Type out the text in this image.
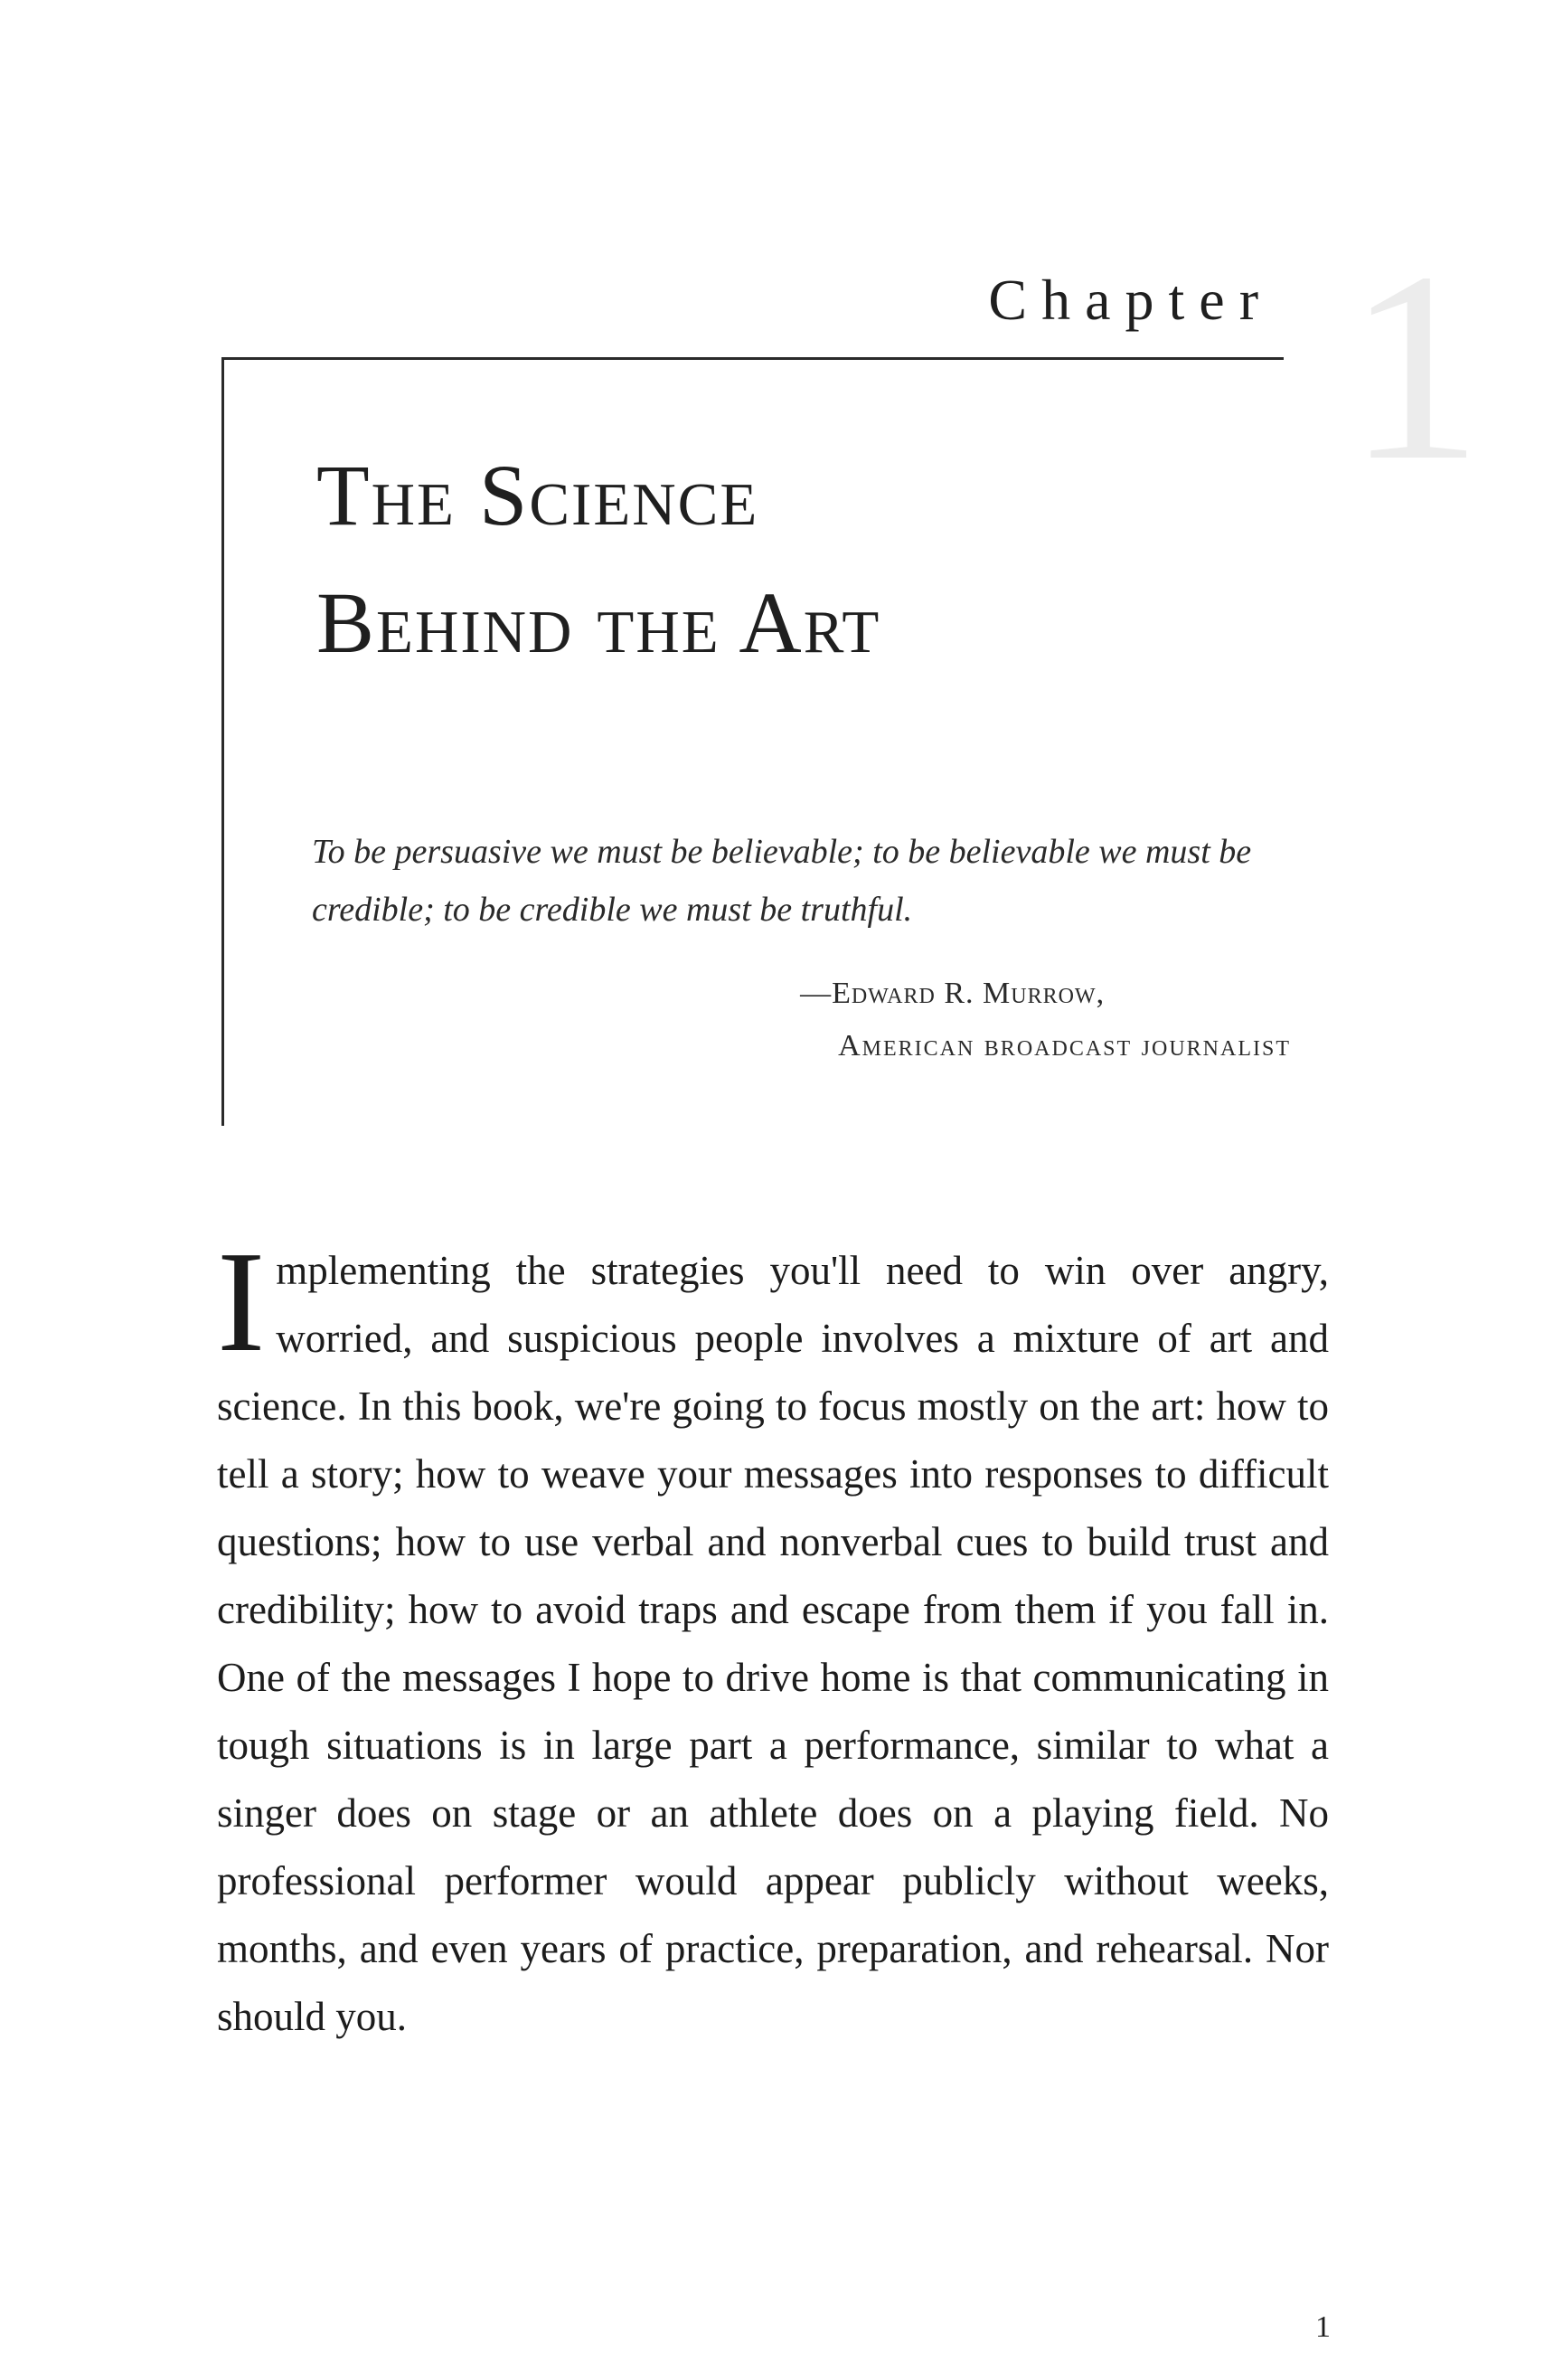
Chapter 1
The Science
Behind the Art
To be persuasive we must be believable; to be believable we must be credible; to be credible we must be truthful.
—Edward R. Murrow,
American broadcast journalist

Implementing the strategies you'll need to win over angry, worried, and suspicious people involves a mixture of art and science. In this book, we're going to focus mostly on the art: how to tell a story; how to weave your messages into responses to difficult questions; how to use verbal and nonverbal cues to build trust and credibility; how to avoid traps and escape from them if you fall in. One of the messages I hope to drive home is that communicating in tough situations is in large part a performance, similar to what a singer does on stage or an athlete does on a playing field. No professional performer would appear publicly without weeks, months, and even years of practice, preparation, and rehearsal. Nor should you.

1
